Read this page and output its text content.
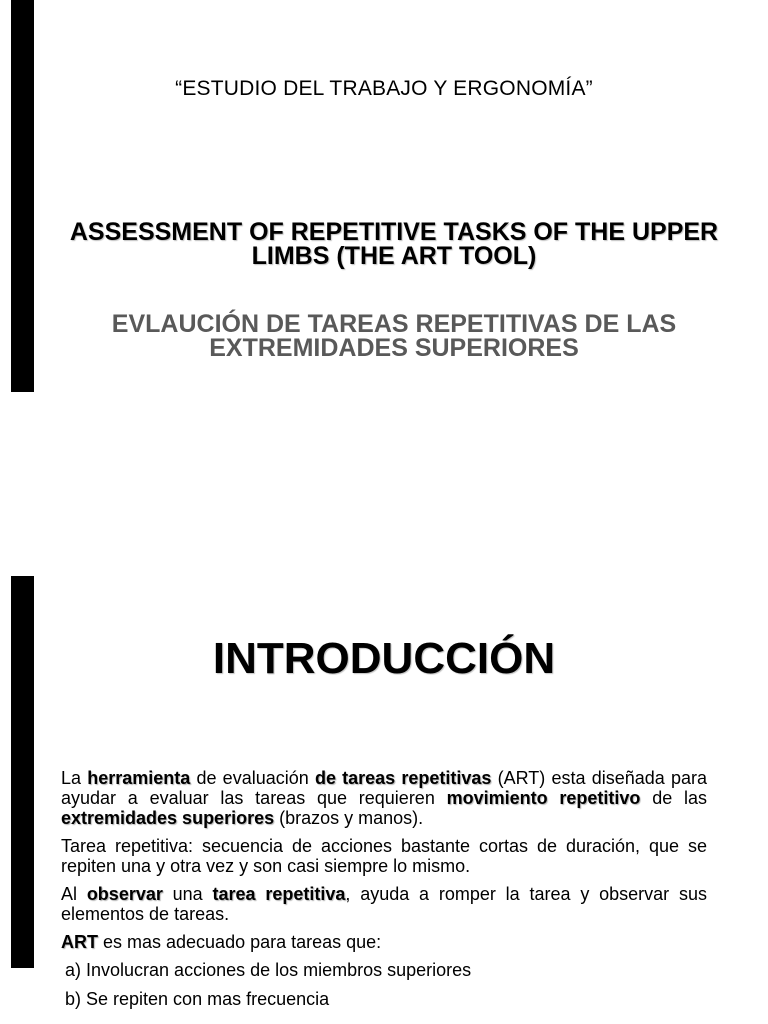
“ESTUDIO DEL TRABAJO Y ERGONOMÍA”
ASSESSMENT OF REPETITIVE TASKS OF THE UPPER LIMBS (THE ART TOOL)
EVLAUCIÓN DE TAREAS REPETITIVAS DE LAS EXTREMIDADES SUPERIORES
INTRODUCCIÓN

La herramienta de evaluación de tareas repetitivas (ART) esta diseñada para ayudar a evaluar las tareas que requieren movimiento repetitivo de las extremidades superiores (brazos y manos).

Tarea repetitiva: secuencia de acciones bastante cortas de duración, que se repiten una y otra vez y son casi siempre lo mismo.

Al observar una tarea repetitiva, ayuda a romper la tarea y observar sus elementos de tareas.

ART es mas adecuado para tareas que:

a) Involucran acciones de los miembros superiores
b) Se repiten con mas frecuencia
